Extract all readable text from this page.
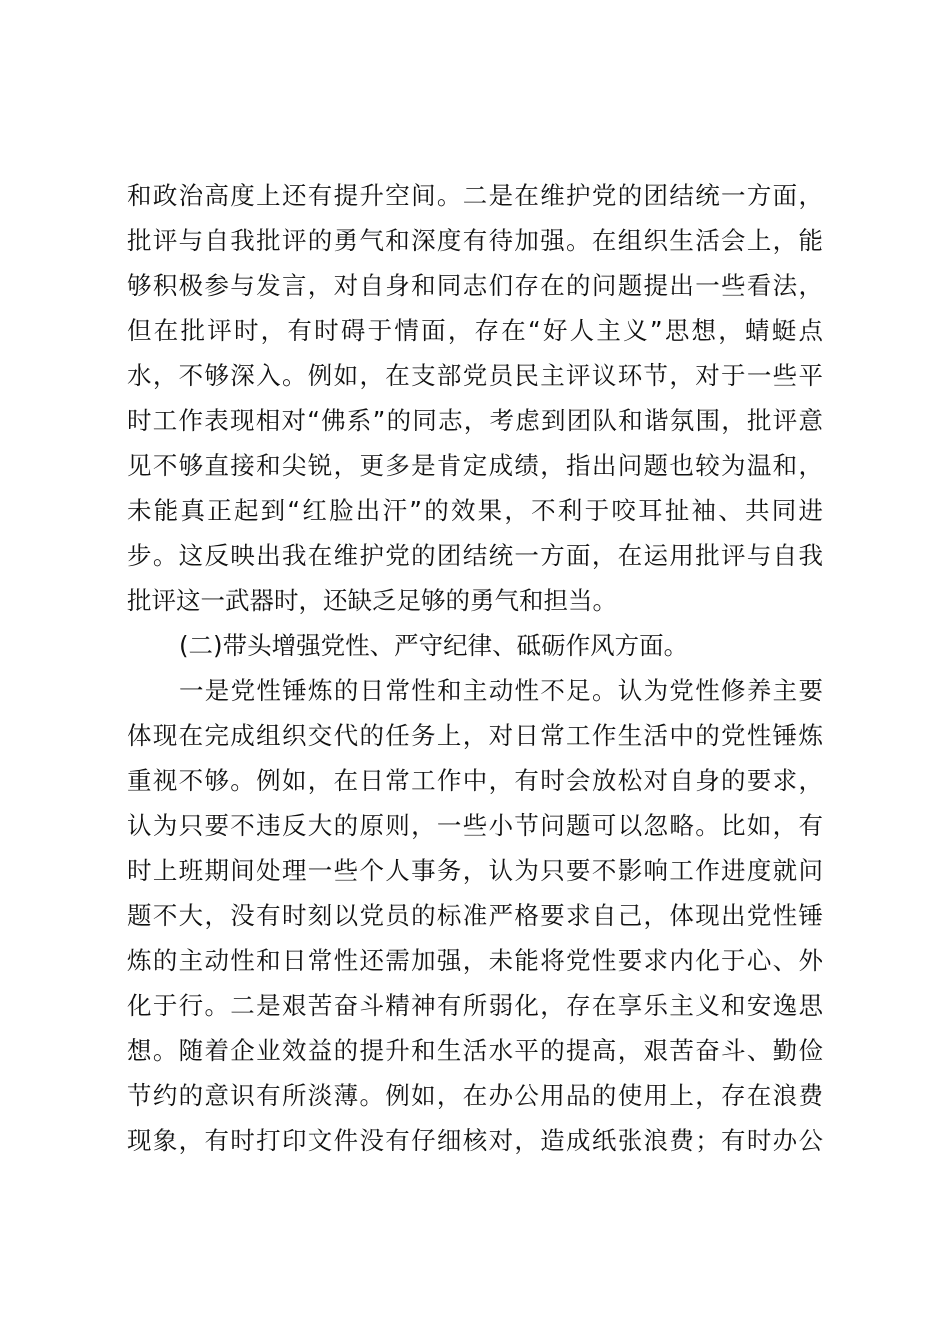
和政治高度上还有提升空间。二是在维护党的团结统一方面，
批评与自我批评的勇气和深度有待加强。在组织生活会上，能
够积极参与发言，对自身和同志们存在的问题提出一些看法，
但在批评时，有时碍于情面，存在“好人主义”思想，蜻蜓点
水，不够深入。例如，在支部党员民主评议环节，对于一些平
时工作表现相对“佛系”的同志，考虑到团队和谐氛围，批评意
见不够直接和尖锐，更多是肯定成绩，指出问题也较为温和，
未能真正起到“红脸出汗”的效果，不利于咬耳扯袖、共同进
步。这反映出我在维护党的团结统一方面，在运用批评与自我
批评这一武器时，还缺乏足够的勇气和担当。
(二)带头增强党性、严守纪律、砥砺作风方面。
一是党性锤炼的日常性和主动性不足。认为党性修养主要
体现在完成组织交代的任务上，对日常工作生活中的党性锤炼
重视不够。例如，在日常工作中，有时会放松对自身的要求，
认为只要不违反大的原则，一些小节问题可以忽略。比如，有
时上班期间处理一些个人事务，认为只要不影响工作进度就问
题不大，没有时刻以党员的标准严格要求自己，体现出党性锤
炼的主动性和日常性还需加强，未能将党性要求内化于心、外
化于行。二是艰苦奋斗精神有所弱化，存在享乐主义和安逸思
想。随着企业效益的提升和生活水平的提高，艰苦奋斗、勤俭
节约的意识有所淡薄。例如，在办公用品的使用上，存在浪费
现象，有时打印文件没有仔细核对，造成纸张浪费；有时办公
